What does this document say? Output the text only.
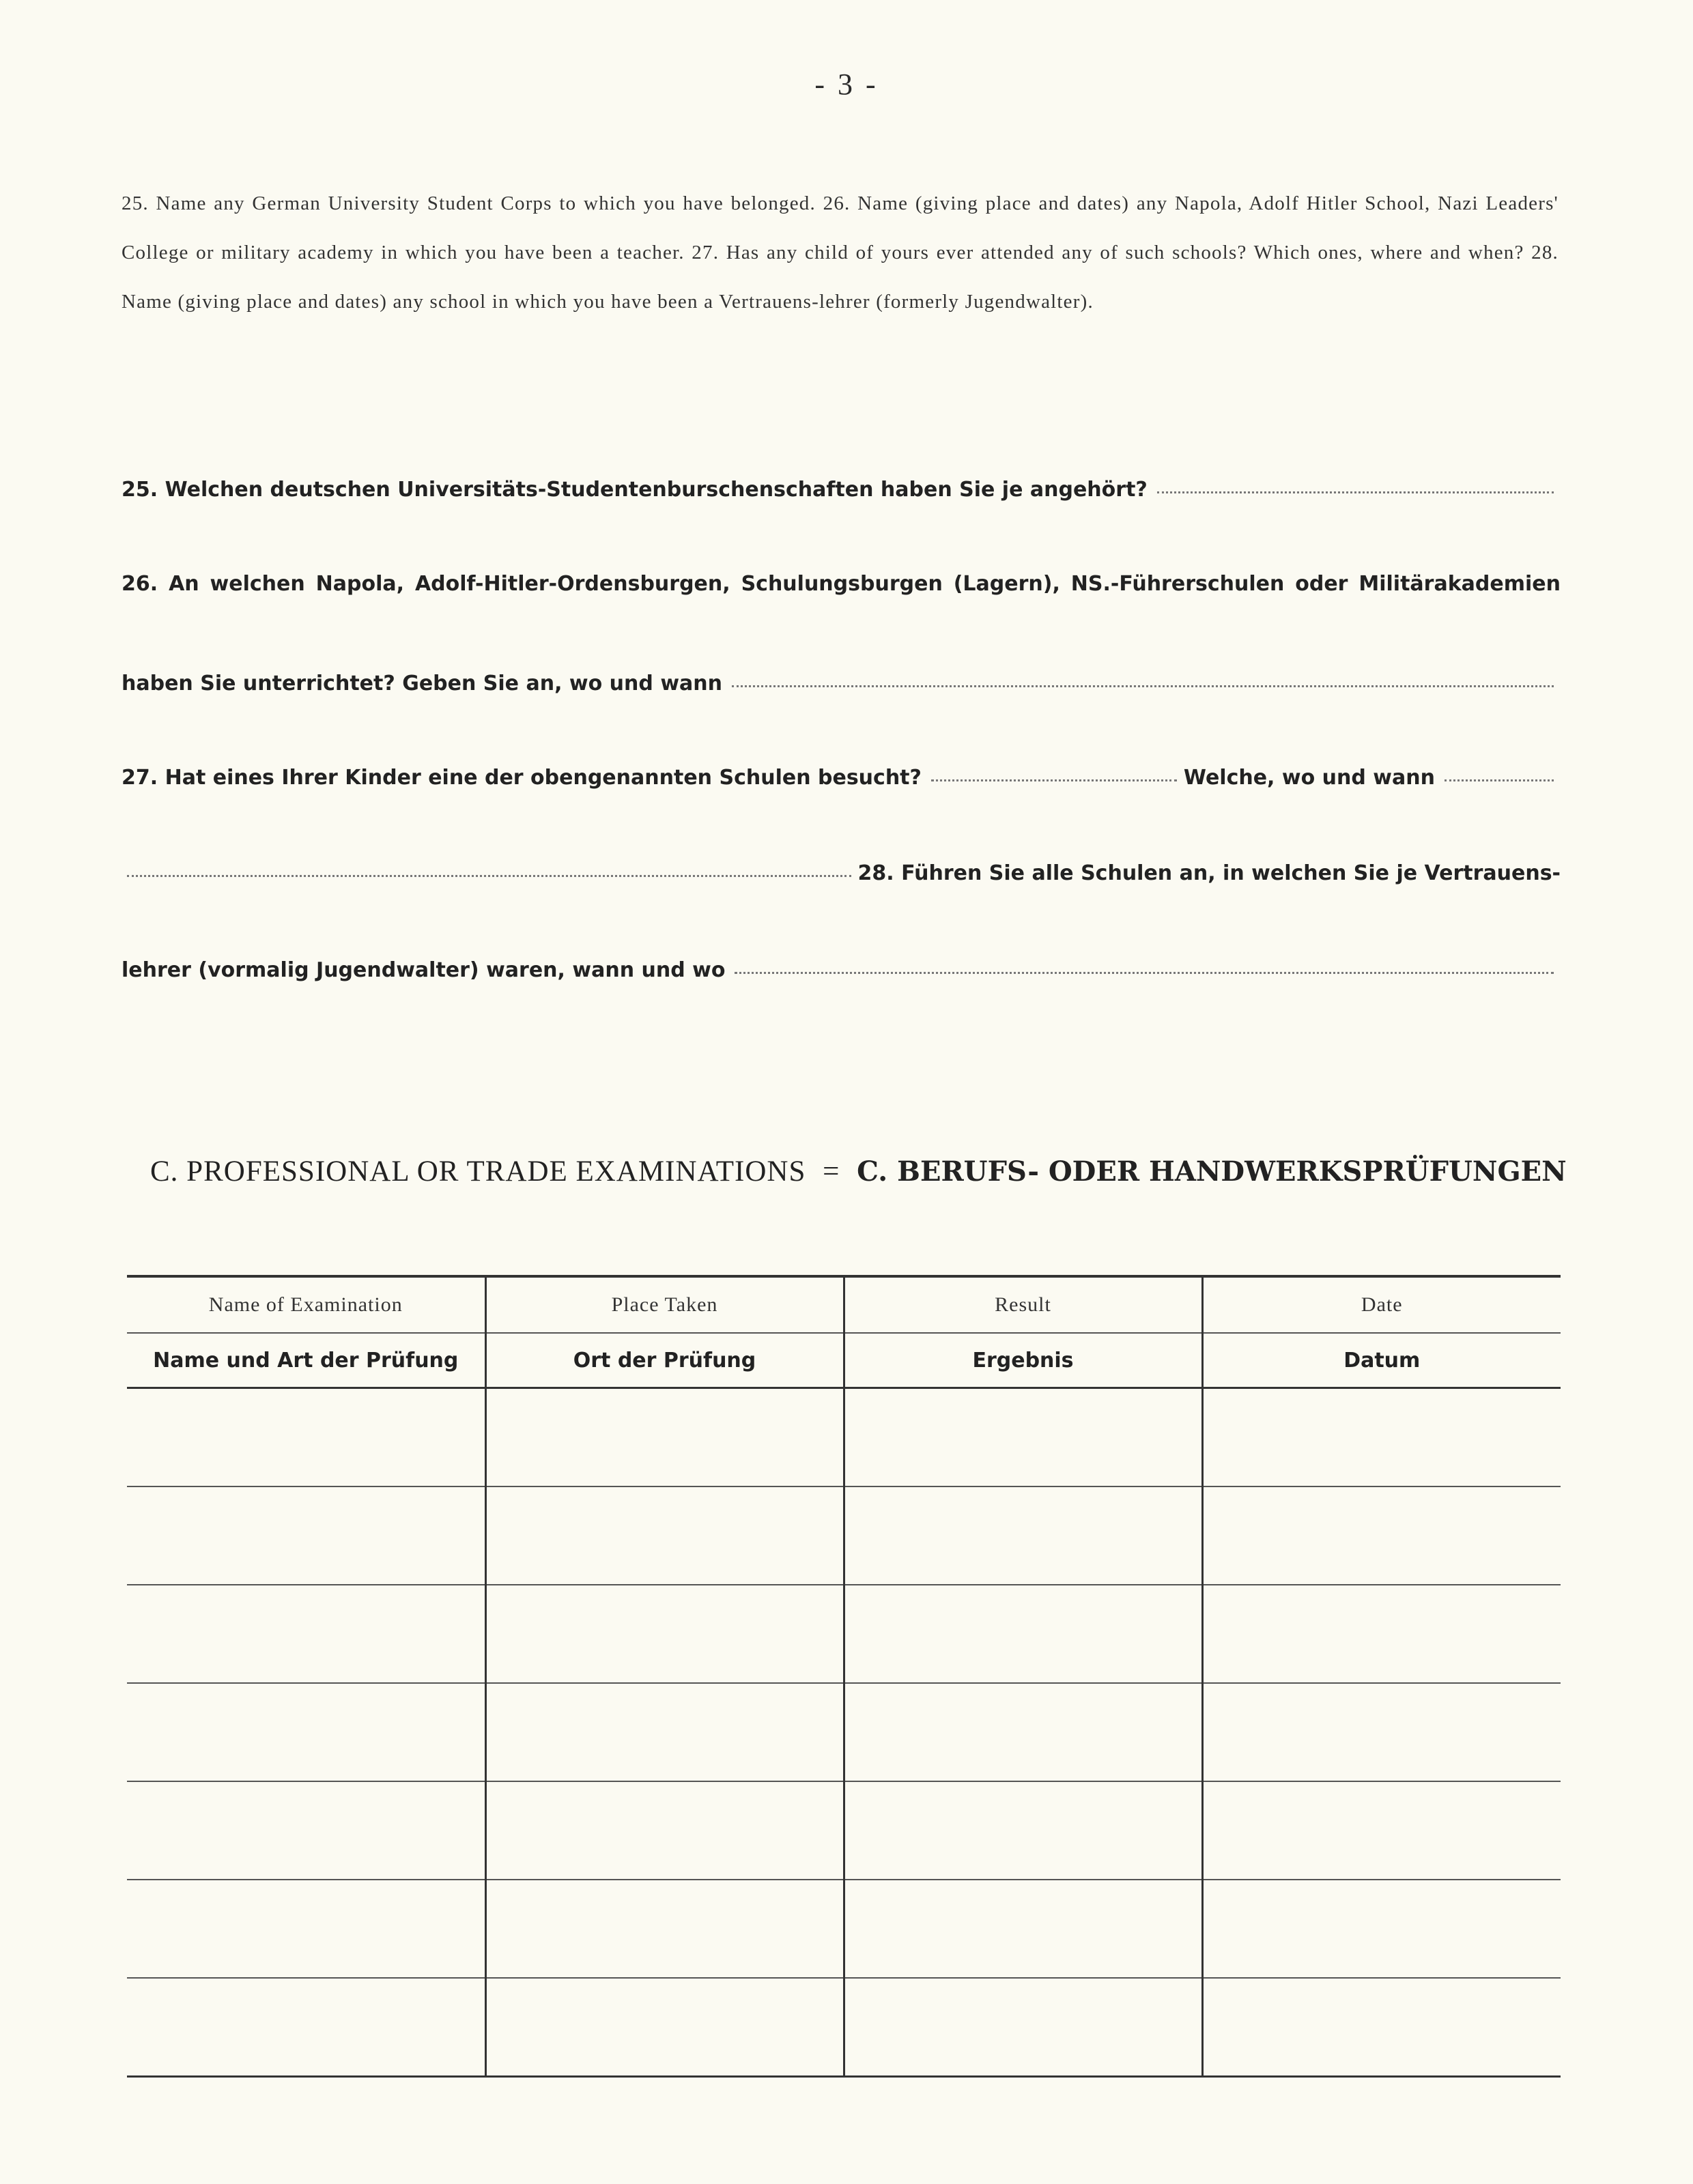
- 3 -
25. Name any German University Student Corps to which you have belonged. 26. Name (giving place and dates) any Napola, Adolf Hitler School, Nazi Leaders' College or military academy in which you have been a teacher. 27. Has any child of yours ever attended any of such schools? Which ones, where and when? 28. Name (giving place and dates) any school in which you have been a Vertrauens-lehrer (formerly Jugendwalter).
25. Welchen deutschen Universitäts-Studentenburschenschaften haben Sie je angehört?
26. An welchen Napola, Adolf-Hitler-Ordensburgen, Schulungsburgen (Lagern), NS.-Führerschulen oder Militärakademien
haben Sie unterrichtet? Geben Sie an, wo und wann
27. Hat eines Ihrer Kinder eine der obengenannten Schulen besucht?	Welche, wo und wann
28. Führen Sie alle Schulen an, in welchen Sie je Vertrauens-
lehrer (vormalig Jugendwalter) waren, wann und wo
C. PROFESSIONAL OR TRADE EXAMINATIONS = C. BERUFS- ODER HANDWERKSPRÜFUNGEN
Name of Examination	Place Taken	Result	Date
Name und Art der Prüfung	Ort der Prüfung	Ergebnis	Datum
